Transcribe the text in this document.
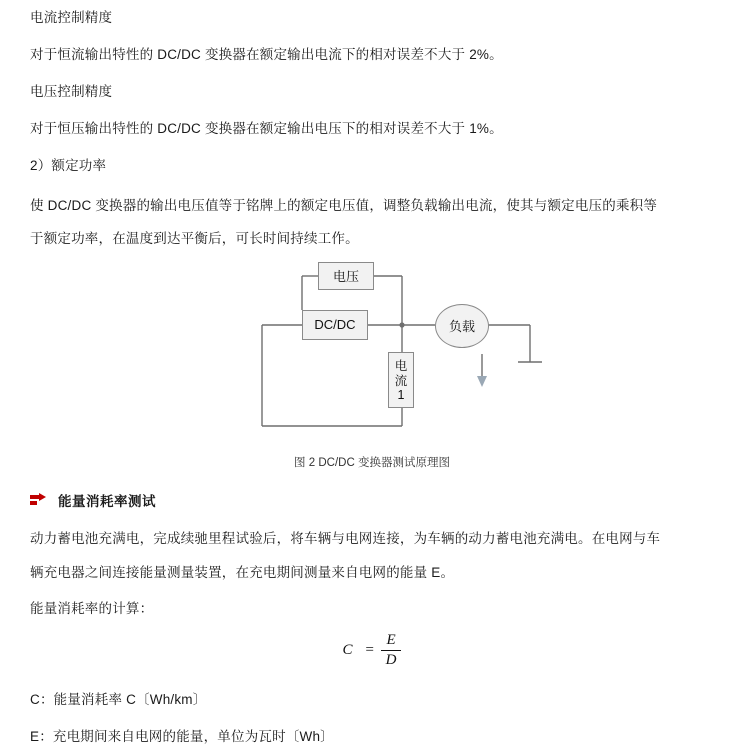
电流控制精度

对于恒流输出特性的 DC/DC 变换器在额定输出电流下的相对误差不大于 2%。

电压控制精度

对于恒压输出特性的 DC/DC 变换器在额定输出电压下的相对误差不大于 1%。

2）额定功率

使 DC/DC 变换器的输出电压值等于铭牌上的额定电压值，调整负载输出电流，使其与额定电压的乘积等

于额定功率，在温度到达平衡后，可长时间持续工作。

电压
DC/DC
电
流
1
负载
图 2 DC/DC 变换器测试原理图
能量消耗率测试

动力蓄电池充满电，完成续驰里程试验后，将车辆与电网连接，为车辆的动力蓄电池充满电。在电网与车

辆充电器之间连接能量测量装置，在充电期间测量来自电网的能量 E。

能量消耗率的计算：

$C = \frac{E}{D}$

C：能量消耗率 C〔Wh/km〕

E：充电期间来自电网的能量，单位为瓦时〔Wh〕
